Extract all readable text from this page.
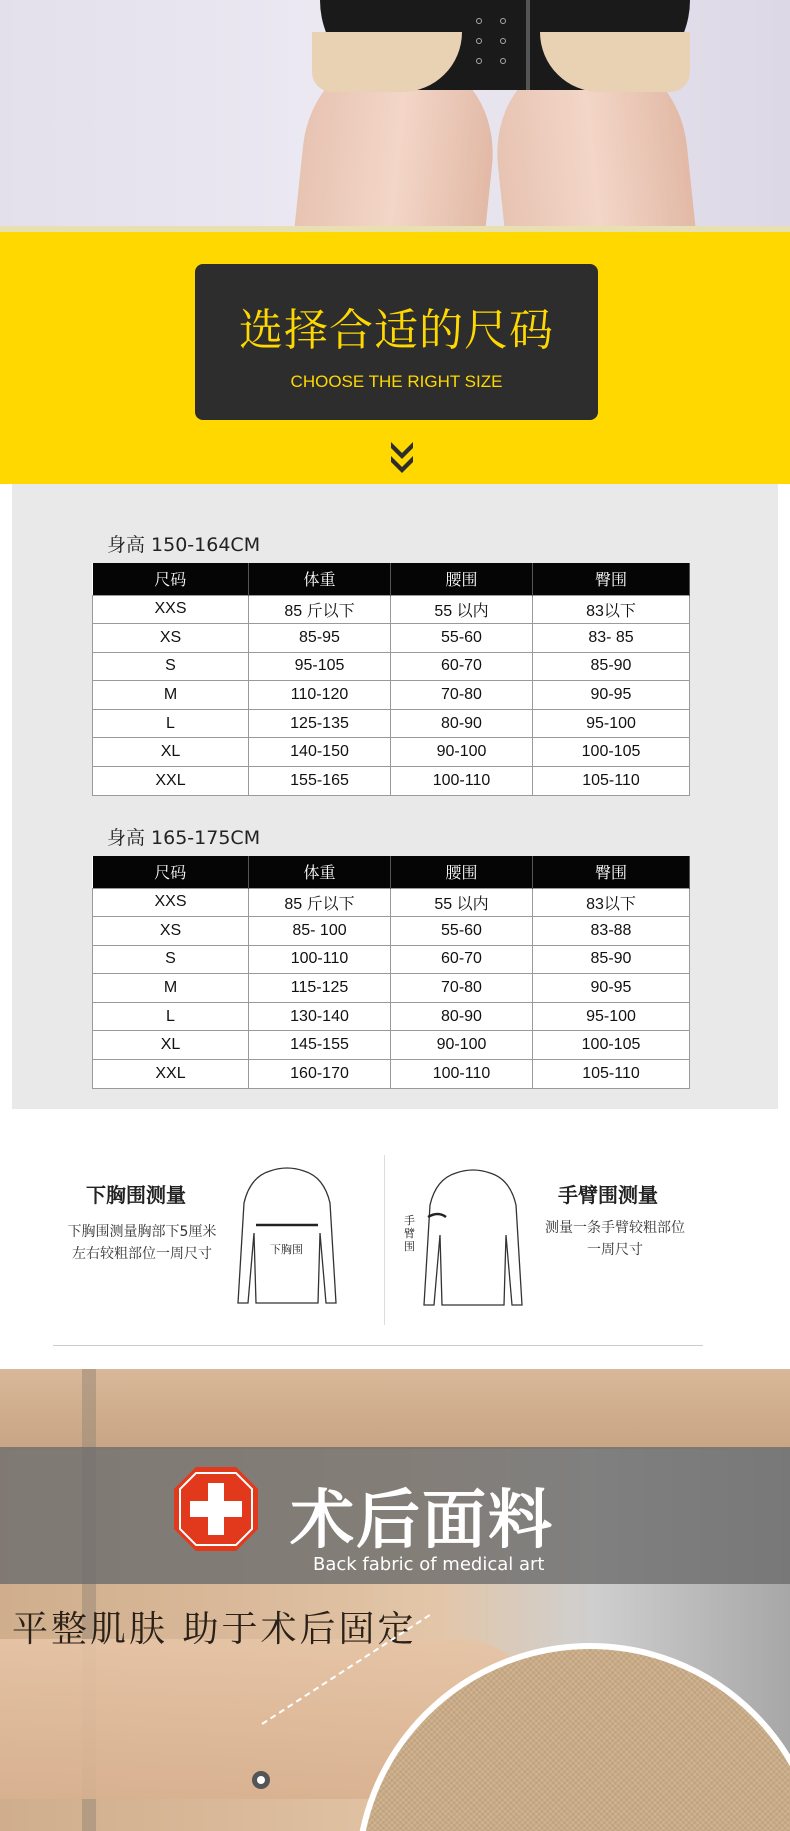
选择合适的尺码
CHOOSE THE RIGHT SIZE
身高 150-164CM
尺码	体重	腰围	臀围
XXS	85 斤以下	55 以内	83以下
XS	85-95	55-60	83- 85
S	95-105	60-70	85-90
M	110-120	70-80	90-95
L	125-135	80-90	95-100
XL	140-150	90-100	100-105
XXL	155-165	100-110	105-110
身高 165-175CM
尺码	体重	腰围	臀围
XXS	85 斤以下	55 以内	83以下
XS	85- 100	55-60	83-88
S	100-110	60-70	85-90
M	115-125	70-80	90-95
L	130-140	80-90	95-100
XL	145-155	90-100	100-105
XXL	160-170	100-110	105-110
下胸围测量
下胸围测量胸部下5厘米
左右较粗部位一周尺寸	下胸围
手臂围
手臂围测量
测量一条手臂较粗部位
一周尺寸
术后面料
Back fabric of medical art
平整肌肤 助于术后固定
